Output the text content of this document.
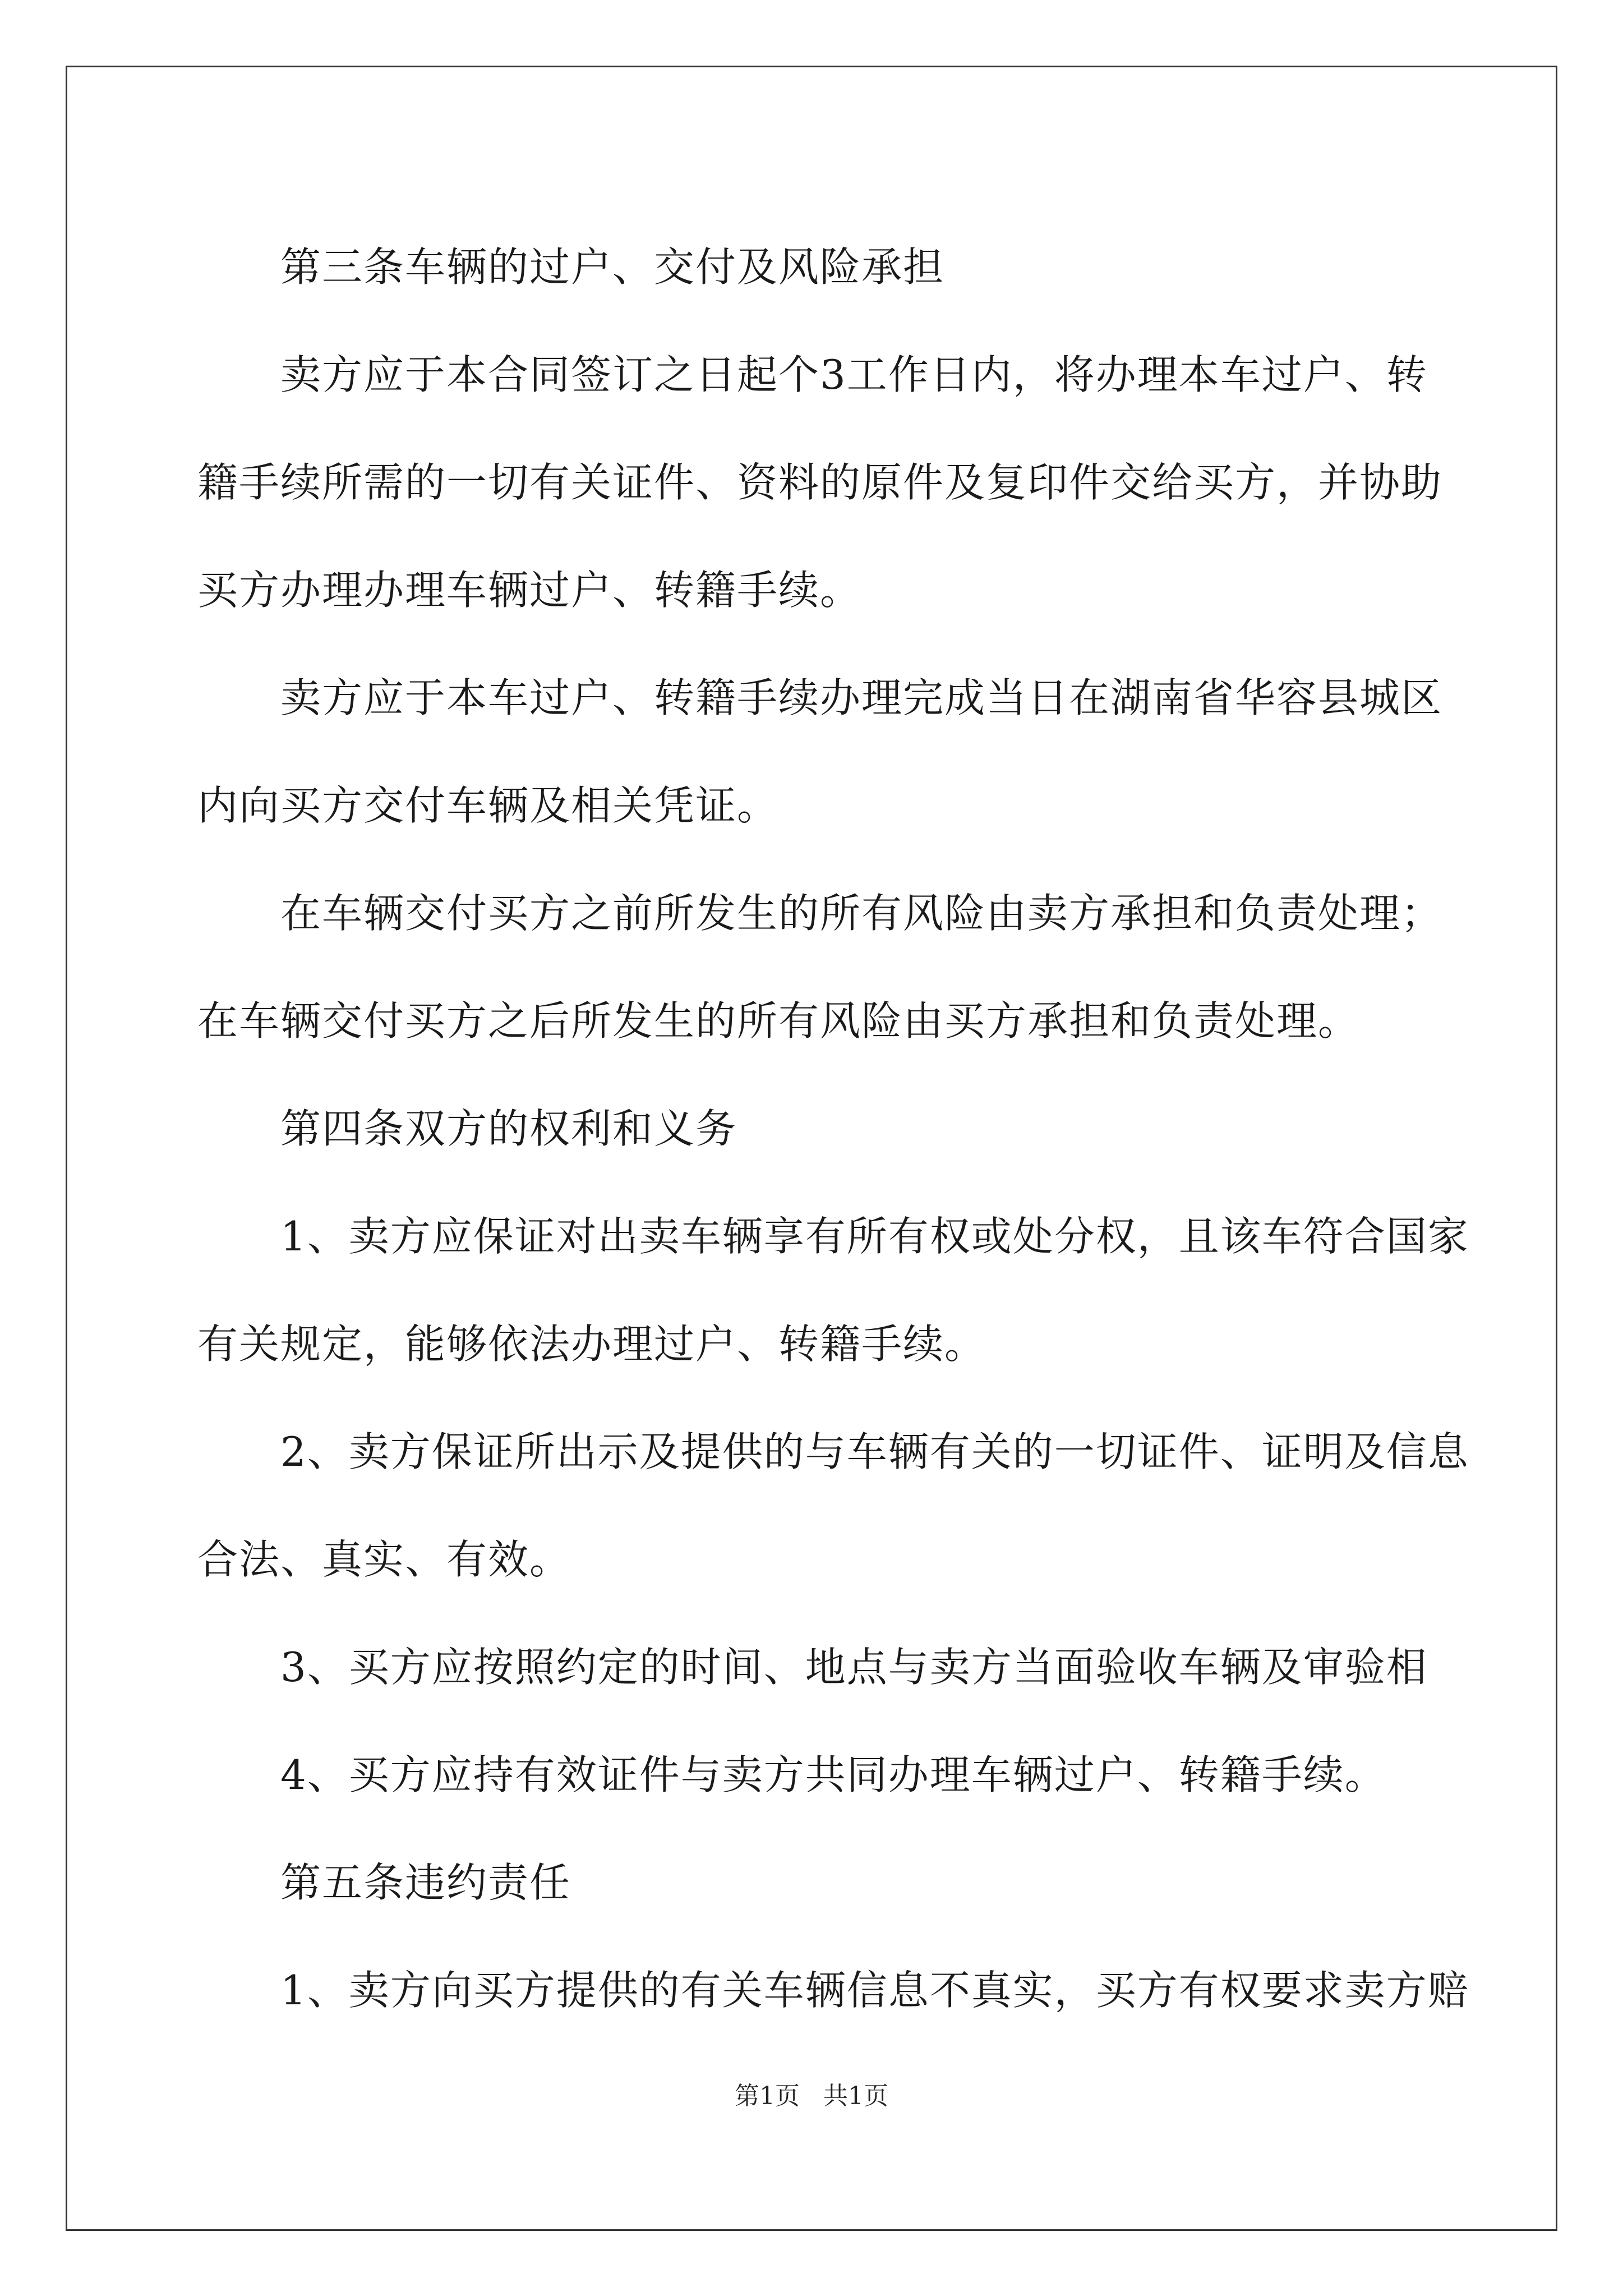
　　第三条车辆的过户、交付及风险承担

　　卖方应于本合同签订之日起个3工作日内，将办理本车过户、转
籍手续所需的一切有关证件、资料的原件及复印件交给买方，并协助
买方办理办理车辆过户、转籍手续。

　　卖方应于本车过户、转籍手续办理完成当日在湖南省华容县城区
内向买方交付车辆及相关凭证。

　　在车辆交付买方之前所发生的所有风险由卖方承担和负责处理；
在车辆交付买方之后所发生的所有风险由买方承担和负责处理。

　　第四条双方的权利和义务

　　1、卖方应保证对出卖车辆享有所有权或处分权，且该车符合国家
有关规定，能够依法办理过户、转籍手续。

　　2、卖方保证所出示及提供的与车辆有关的一切证件、证明及信息
合法、真实、有效。

　　3、买方应按照约定的时间、地点与卖方当面验收车辆及审验相

　　4、买方应持有效证件与卖方共同办理车辆过户、转籍手续。

　　第五条违约责任

　　1、卖方向买方提供的有关车辆信息不真实，买方有权要求卖方赔

第1页 共1页
